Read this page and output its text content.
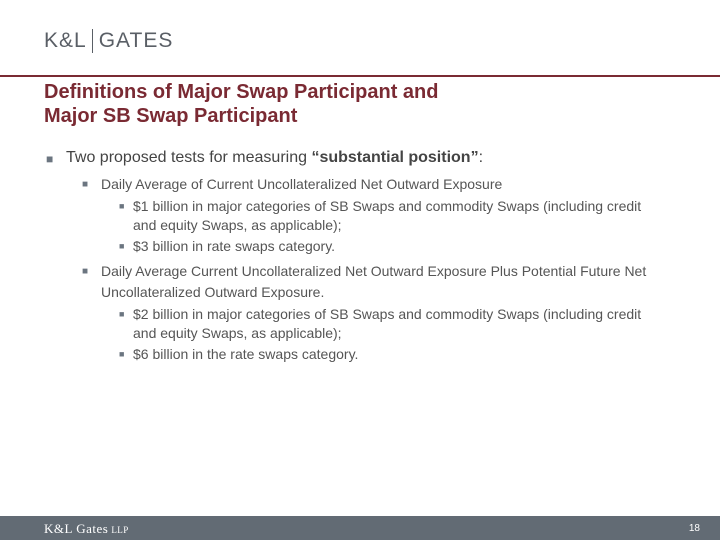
K&L GATES
Definitions of Major Swap Participant and
Major SB Swap Participant
■ Two proposed tests for measuring “substantial position”:
■ Daily Average of Current Uncollateralized Net Outward Exposure
■ $1 billion in major categories of SB Swaps and commodity Swaps (including credit and equity Swaps, as applicable);
■ $3 billion in rate swaps category.
■ Daily Average Current Uncollateralized Net Outward Exposure Plus Potential Future Net Uncollateralized Outward Exposure.
■ $2 billion in major categories of SB Swaps and commodity Swaps (including credit and equity Swaps, as applicable);
■ $6 billion in the rate swaps category.
K&L Gates LLP	18
